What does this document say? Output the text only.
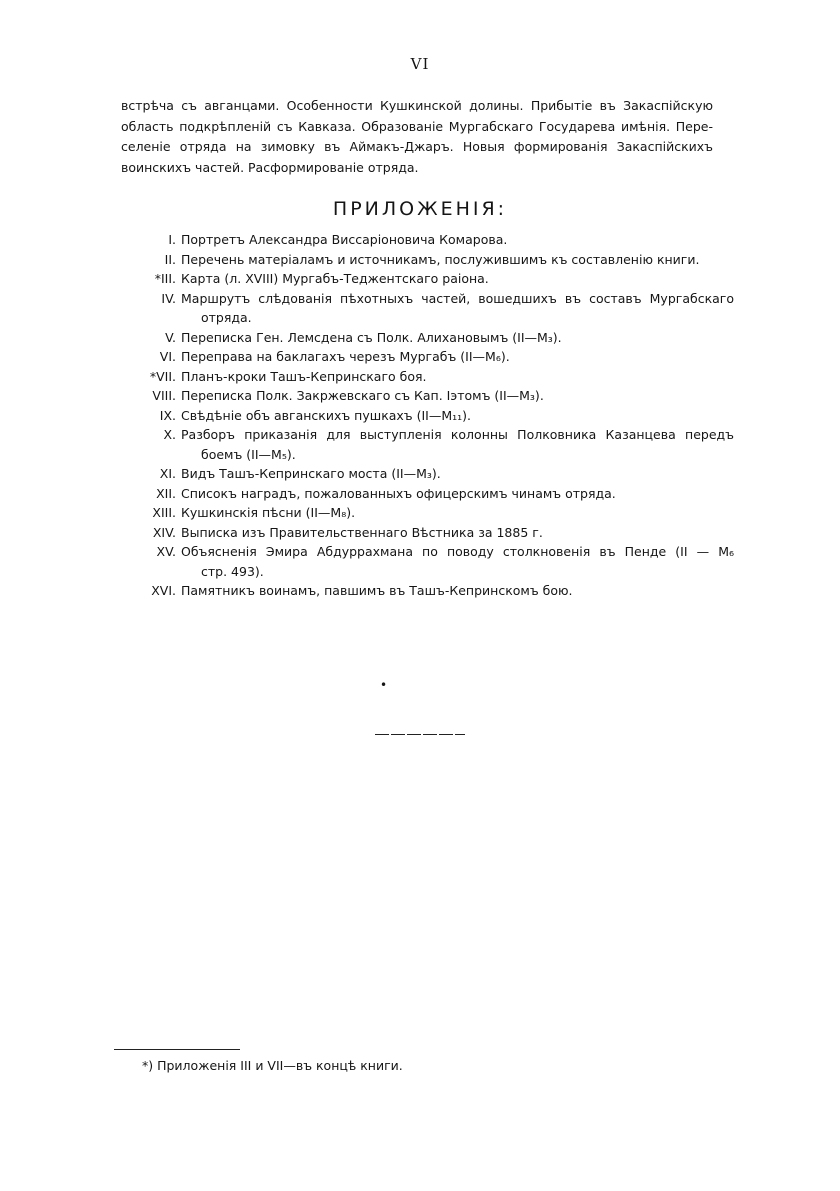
VI
встрѣча съ авганцами. Особенности Кушкинской долины. Прибытіе въ Закаспійскую
область подкрѣпленій съ Кавказа. Образованіе Мургабскаго Государева имѣнія. Пере-
селеніе отряда на зимовку въ Аймакъ-Джаръ. Новыя формированія Закаспійскихъ
воинскихъ частей. Расформированіе отряда.
ПРИЛОЖЕНІЯ:
I. Портретъ Александра Виссаріоновича Комарова.
II. Перечень матеріаламъ и источникамъ, послужившимъ къ составленію книги.
*III. Карта (л. XVIII) Мургабъ-Теджентскаго раіона.
IV. Маршрутъ слѣдованія пѣхотныхъ частей, вошедшихъ въ составъ Мургабскаго
отряда.
V. Переписка Ген. Лемсдена съ Полк. Алихановымъ (II—M₃).
VI. Переправа на баклагахъ черезъ Мургабъ (II—M₆).
*VII. Планъ-кроки Ташъ-Кепринскаго боя.
VIII. Переписка Полк. Закржевскаго съ Кап. Іэтомъ (II—M₃).
IX. Свѣдѣніе объ авганскихъ пушкахъ (II—M₁₁).
X. Разборъ приказанія для выступленія колонны Полковника Казанцева передъ
боемъ (II—M₅).
XI. Видъ Ташъ-Кепринскаго моста (II—M₃).
XII. Списокъ наградъ, пожалованныхъ офицерскимъ чинамъ отряда.
XIII. Кушкинскія пѣсни (II—M₈).
XIV. Выписка изъ Правительственнаго Вѣстника за 1885 г.
XV. Объясненія Эмира Абдуррахмана по поводу столкновенія въ Пенде (II — M₆
стр. 493).
XVI. Памятникъ воинамъ, павшимъ въ Ташъ-Кепринскомъ бою.
•
*) Приложенія III и VII—въ концѣ книги.
